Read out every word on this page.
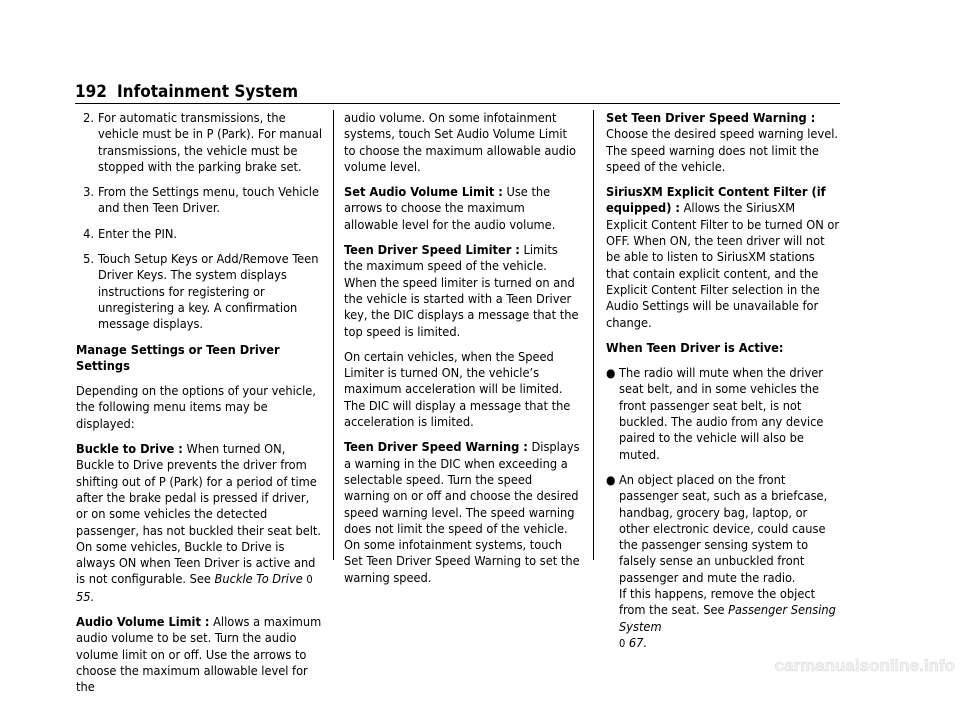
192 Infotainment System
2. For automatic transmissions, the vehicle must be in P (Park). For manual transmissions, the vehicle must be stopped with the parking brake set.
3. From the Settings menu, touch Vehicle and then Teen Driver.
4. Enter the PIN.
5. Touch Setup Keys or Add/Remove Teen Driver Keys. The system displays instructions for registering or unregistering a key. A confirmation message displays.

Manage Settings or Teen Driver Settings

Depending on the options of your vehicle, the following menu items may be displayed:

Buckle to Drive : When turned ON, Buckle to Drive prevents the driver from shifting out of P (Park) for a period of time after the brake pedal is pressed if driver, or on some vehicles the detected passenger, has not buckled their seat belt. On some vehicles, Buckle to Drive is always ON when Teen Driver is active and is not configurable. See Buckle To Drive 0 55.

Audio Volume Limit : Allows a maximum audio volume to be set. Turn the audio volume limit on or off. Use the arrows to choose the maximum allowable level for the

audio volume. On some infotainment systems, touch Set Audio Volume Limit to choose the maximum allowable audio volume level.

Set Audio Volume Limit : Use the arrows to choose the maximum allowable level for the audio volume.

Teen Driver Speed Limiter : Limits the maximum speed of the vehicle. When the speed limiter is turned on and the vehicle is started with a Teen Driver key, the DIC displays a message that the top speed is limited.

On certain vehicles, when the Speed Limiter is turned ON, the vehicle’s maximum acceleration will be limited. The DIC will display a message that the acceleration is limited.

Teen Driver Speed Warning : Displays a warning in the DIC when exceeding a selectable speed. Turn the speed warning on or off and choose the desired speed warning level. The speed warning does not limit the speed of the vehicle. On some infotainment systems, touch Set Teen Driver Speed Warning to set the warning speed.

Set Teen Driver Speed Warning : Choose the desired speed warning level. The speed warning does not limit the speed of the vehicle.

SiriusXM Explicit Content Filter (if equipped) : Allows the SiriusXM Explicit Content Filter to be turned ON or OFF. When ON, the teen driver will not be able to listen to SiriusXM stations that contain explicit content, and the Explicit Content Filter selection in the Audio Settings will be unavailable for change.

When Teen Driver is Active:

● The radio will mute when the driver seat belt, and in some vehicles the front passenger seat belt, is not buckled. The audio from any device paired to the vehicle will also be muted.
● An object placed on the front passenger seat, such as a briefcase, handbag, grocery bag, laptop, or other electronic device, could cause the passenger sensing system to falsely sense an unbuckled front passenger and mute the radio.
If this happens, remove the object from the seat. See Passenger Sensing System
0 67.
carmanualsonline.info
